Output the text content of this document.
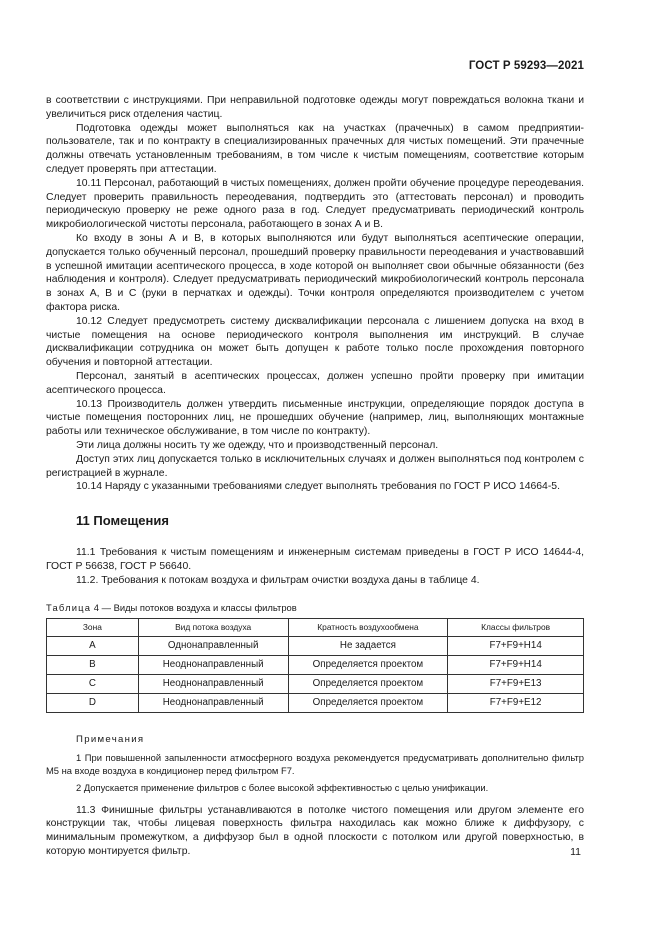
ГОСТ Р 59293—2021

в соответствии с инструкциями. При неправильной подготовке одежды могут повреждаться волокна ткани и увеличиться риск отделения частиц.

Подготовка одежды может выполняться как на участках (прачечных) в самом предприятии-пользователе, так и по контракту в специализированных прачечных для чистых помещений. Эти прачечные должны отвечать установленным требованиям, в том числе к чистым помещениям, соответствие которым следует проверять при аттестации.

10.11 Персонал, работающий в чистых помещениях, должен пройти обучение процедуре переодевания. Следует проверить правильность переодевания, подтвердить это (аттестовать персонал) и проводить периодическую проверку не реже одного раза в год. Следует предусматривать периодический контроль микробиологической чистоты персонала, работающего в зонах А и В.

Ко входу в зоны А и В, в которых выполняются или будут выполняться асептические операции, допускается только обученный персонал, прошедший проверку правильности переодевания и участвовавший в успешной имитации асептического процесса, в ходе которой он выполняет свои обычные обязанности (без наблюдения и контроля). Следует предусматривать периодический микробиологический контроль персонала в зонах А, В и С (руки в перчатках и одежды). Точки контроля определяются производителем с учетом фактора риска.

10.12 Следует предусмотреть систему дисквалификации персонала с лишением допуска на вход в чистые помещения на основе периодического контроля выполнения им инструкций. В случае дисквалификации сотрудника он может быть допущен к работе только после прохождения повторного обучения и повторной аттестации.

Персонал, занятый в асептических процессах, должен успешно пройти проверку при имитации асептического процесса.

10.13 Производитель должен утвердить письменные инструкции, определяющие порядок доступа в чистые помещения посторонних лиц, не прошедших обучение (например, лиц, выполняющих монтажные работы или техническое обслуживание, в том числе по контракту).

Эти лица должны носить ту же одежду, что и производственный персонал.

Доступ этих лиц допускается только в исключительных случаях и должен выполняться под контролем с регистрацией в журнале.

10.14 Наряду с указанными требованиями следует выполнять требования по ГОСТ Р ИСО 14664-5.

11 Помещения

11.1 Требования к чистым помещениям и инженерным системам приведены в ГОСТ Р ИСО 14644-4, ГОСТ Р 56638, ГОСТ Р 56640.

11.2. Требования к потокам воздуха и фильтрам очистки воздуха даны в таблице 4.

Таблица 4 — Виды потоков воздуха и классы фильтров
Зона	Вид потока воздуха	Кратность воздухообмена	Классы фильтров
А	Однонаправленный	Не задается	F7+F9+H14
В	Неоднонаправленный	Определяется проектом	F7+F9+H14
С	Неоднонаправленный	Определяется проектом	F7+F9+E13
D	Неоднонаправленный	Определяется проектом	F7+F9+E12
Примечания

1 При повышенной запыленности атмосферного воздуха рекомендуется предусматривать дополнительно фильтр М5 на входе воздуха в кондиционер перед фильтром F7.

2 Допускается применение фильтров с более высокой эффективностью с целью унификации.

11.3 Финишные фильтры устанавливаются в потолке чистого помещения или другом элементе его конструкции так, чтобы лицевая поверхность фильтра находилась как можно ближе к диффузору, с минимальным промежутком, а диффузор был в одной плоскости с потолком или другой поверхностью, в которую монтируется фильтр.	11
